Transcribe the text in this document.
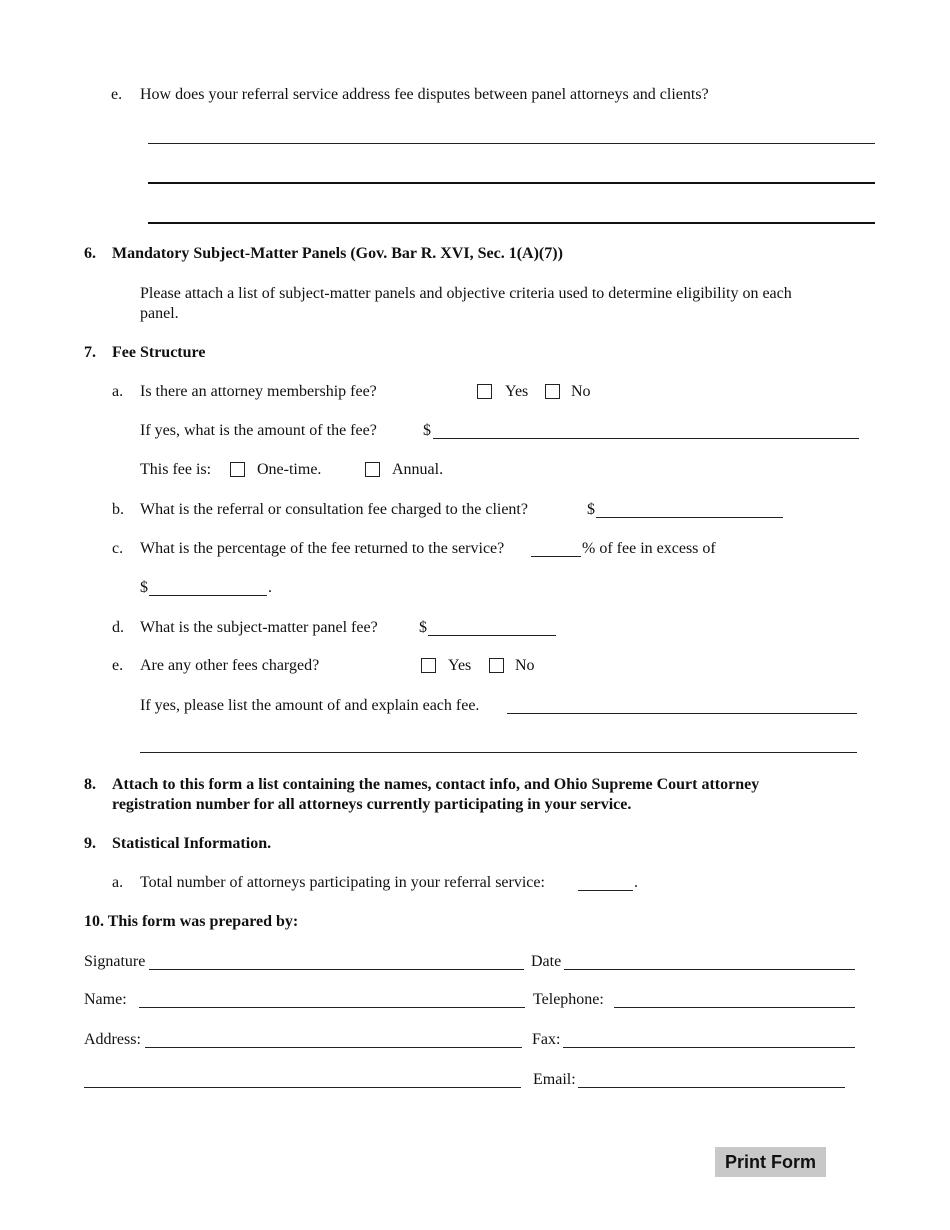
e. How does your referral service address fee disputes between panel attorneys and clients?
6. Mandatory Subject-Matter Panels (Gov. Bar R. XVI, Sec. 1(A)(7))
Please attach a list of subject-matter panels and objective criteria used to determine eligibility on each
panel.
7. Fee Structure
a. Is there an attorney membership fee?	Yes	No
If yes, what is the amount of the fee?	$
This fee is:	One-time.	Annual.
b. What is the referral or consultation fee charged to the client?	$
c. What is the percentage of the fee returned to the service?	% of fee in excess of
$	.
d. What is the subject-matter panel fee?	$
e. Are any other fees charged?	Yes	No
If yes, please list the amount of and explain each fee.
8. Attach to this form a list containing the names, contact info, and Ohio Supreme Court attorney
registration number for all attorneys currently participating in your service.
9. Statistical Information.
a. Total number of attorneys participating in your referral service:	.
10. This form was prepared by:
Signature	Date
Name:	Telephone:
Address:	Fax:
Email:
Print Form
